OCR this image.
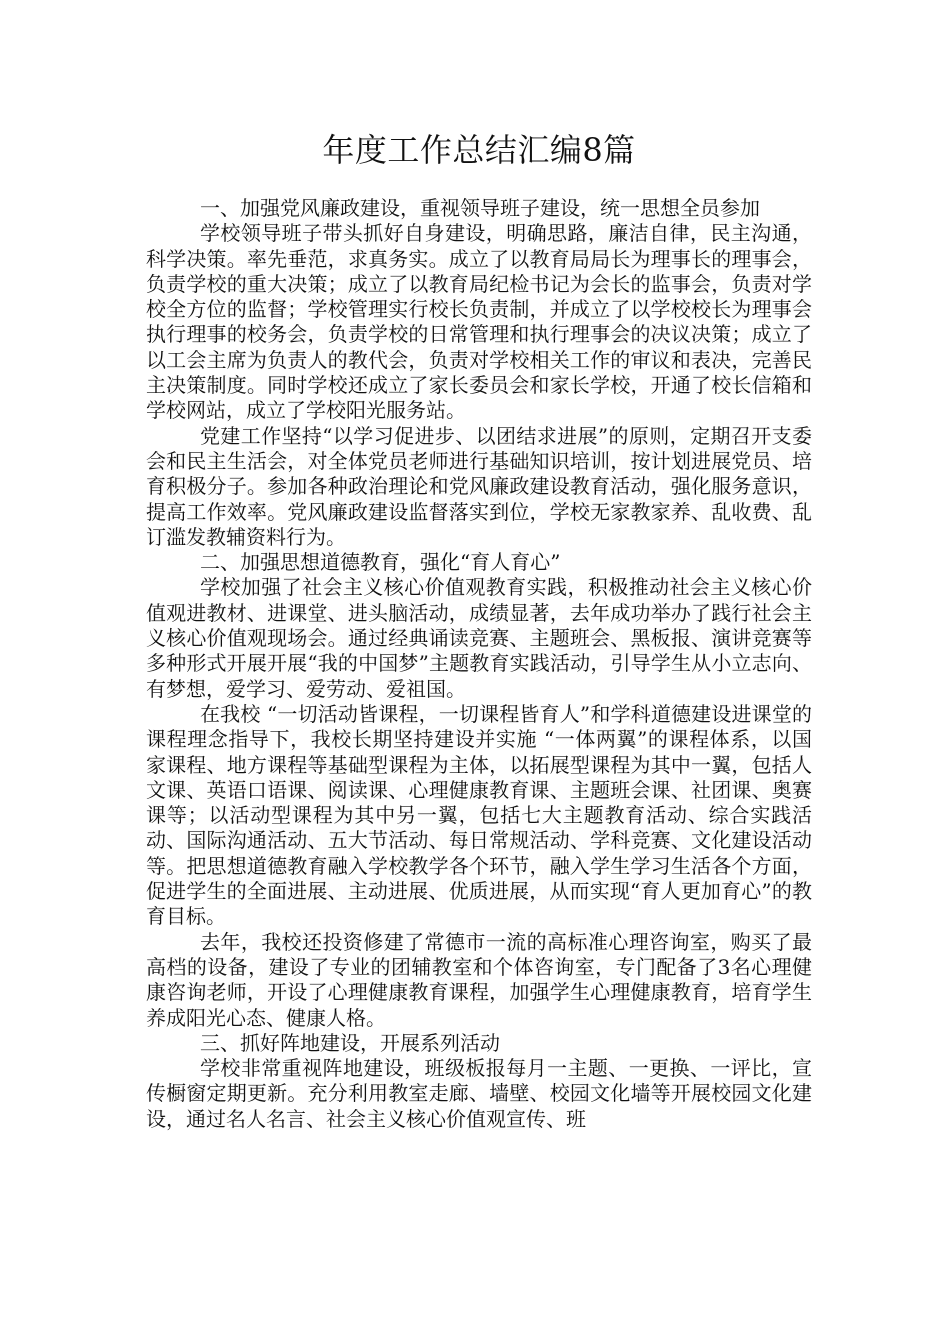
年度工作总结汇编8篇

一、加强党风廉政建设，重视领导班子建设，统一思想全员参加

学校领导班子带头抓好自身建设，明确思路，廉洁自律，民主沟通，科学决策。率先垂范，求真务实。成立了以教育局局长为理事长的理事会，负责学校的重大决策；成立了以教育局纪检书记为会长的监事会，负责对学校全方位的监督；学校管理实行校长负责制，并成立了以学校校长为理事会执行理事的校务会，负责学校的日常管理和执行理事会的决议决策；成立了以工会主席为负责人的教代会，负责对学校相关工作的审议和表决，完善民主决策制度。同时学校还成立了家长委员会和家长学校，开通了校长信箱和学校网站，成立了学校阳光服务站。

党建工作坚持“以学习促进步、以团结求进展”的原则，定期召开支委会和民主生活会，对全体党员老师进行基础知识培训，按计划进展党员、培育积极分子。参加各种政治理论和党风廉政建设教育活动，强化服务意识，提高工作效率。党风廉政建设监督落实到位，学校无家教家养、乱收费、乱订滥发教辅资料行为。

二、加强思想道德教育，强化“育人育心”

学校加强了社会主义核心价值观教育实践，积极推动社会主义核心价值观进教材、进课堂、进头脑活动，成绩显著，去年成功举办了践行社会主义核心价值观现场会。通过经典诵读竞赛、主题班会、黑板报、演讲竞赛等多种形式开展开展“我的中国梦”主题教育实践活动，引导学生从小立志向、有梦想，爱学习、爱劳动、爱祖国。

在我校 “一切活动皆课程，一切课程皆育人”和学科道德建设进课堂的课程理念指导下，我校长期坚持建设并实施 “一体两翼”的课程体系，以国家课程、地方课程等基础型课程为主体，以拓展型课程为其中一翼，包括人文课、英语口语课、阅读课、心理健康教育课、主题班会课、社团课、奥赛课等；以活动型课程为其中另一翼，包括七大主题教育活动、综合实践活动、国际沟通活动、五大节活动、每日常规活动、学科竞赛、文化建设活动等。把思想道德教育融入学校教学各个环节，融入学生学习生活各个方面，促进学生的全面进展、主动进展、优质进展，从而实现“育人更加育心”的教育目标。

去年，我校还投资修建了常德市一流的高标准心理咨询室，购买了最高档的设备，建设了专业的团辅教室和个体咨询室，专门配备了3名心理健康咨询老师，开设了心理健康教育课程，加强学生心理健康教育，培育学生养成阳光心态、健康人格。

三、抓好阵地建设，开展系列活动

学校非常重视阵地建设，班级板报每月一主题、一更换、一评比，宣传橱窗定期更新。充分利用教室走廊、墙壁、校园文化墙等开展校园文化建设，通过名人名言、社会主义核心价值观宣传、班
